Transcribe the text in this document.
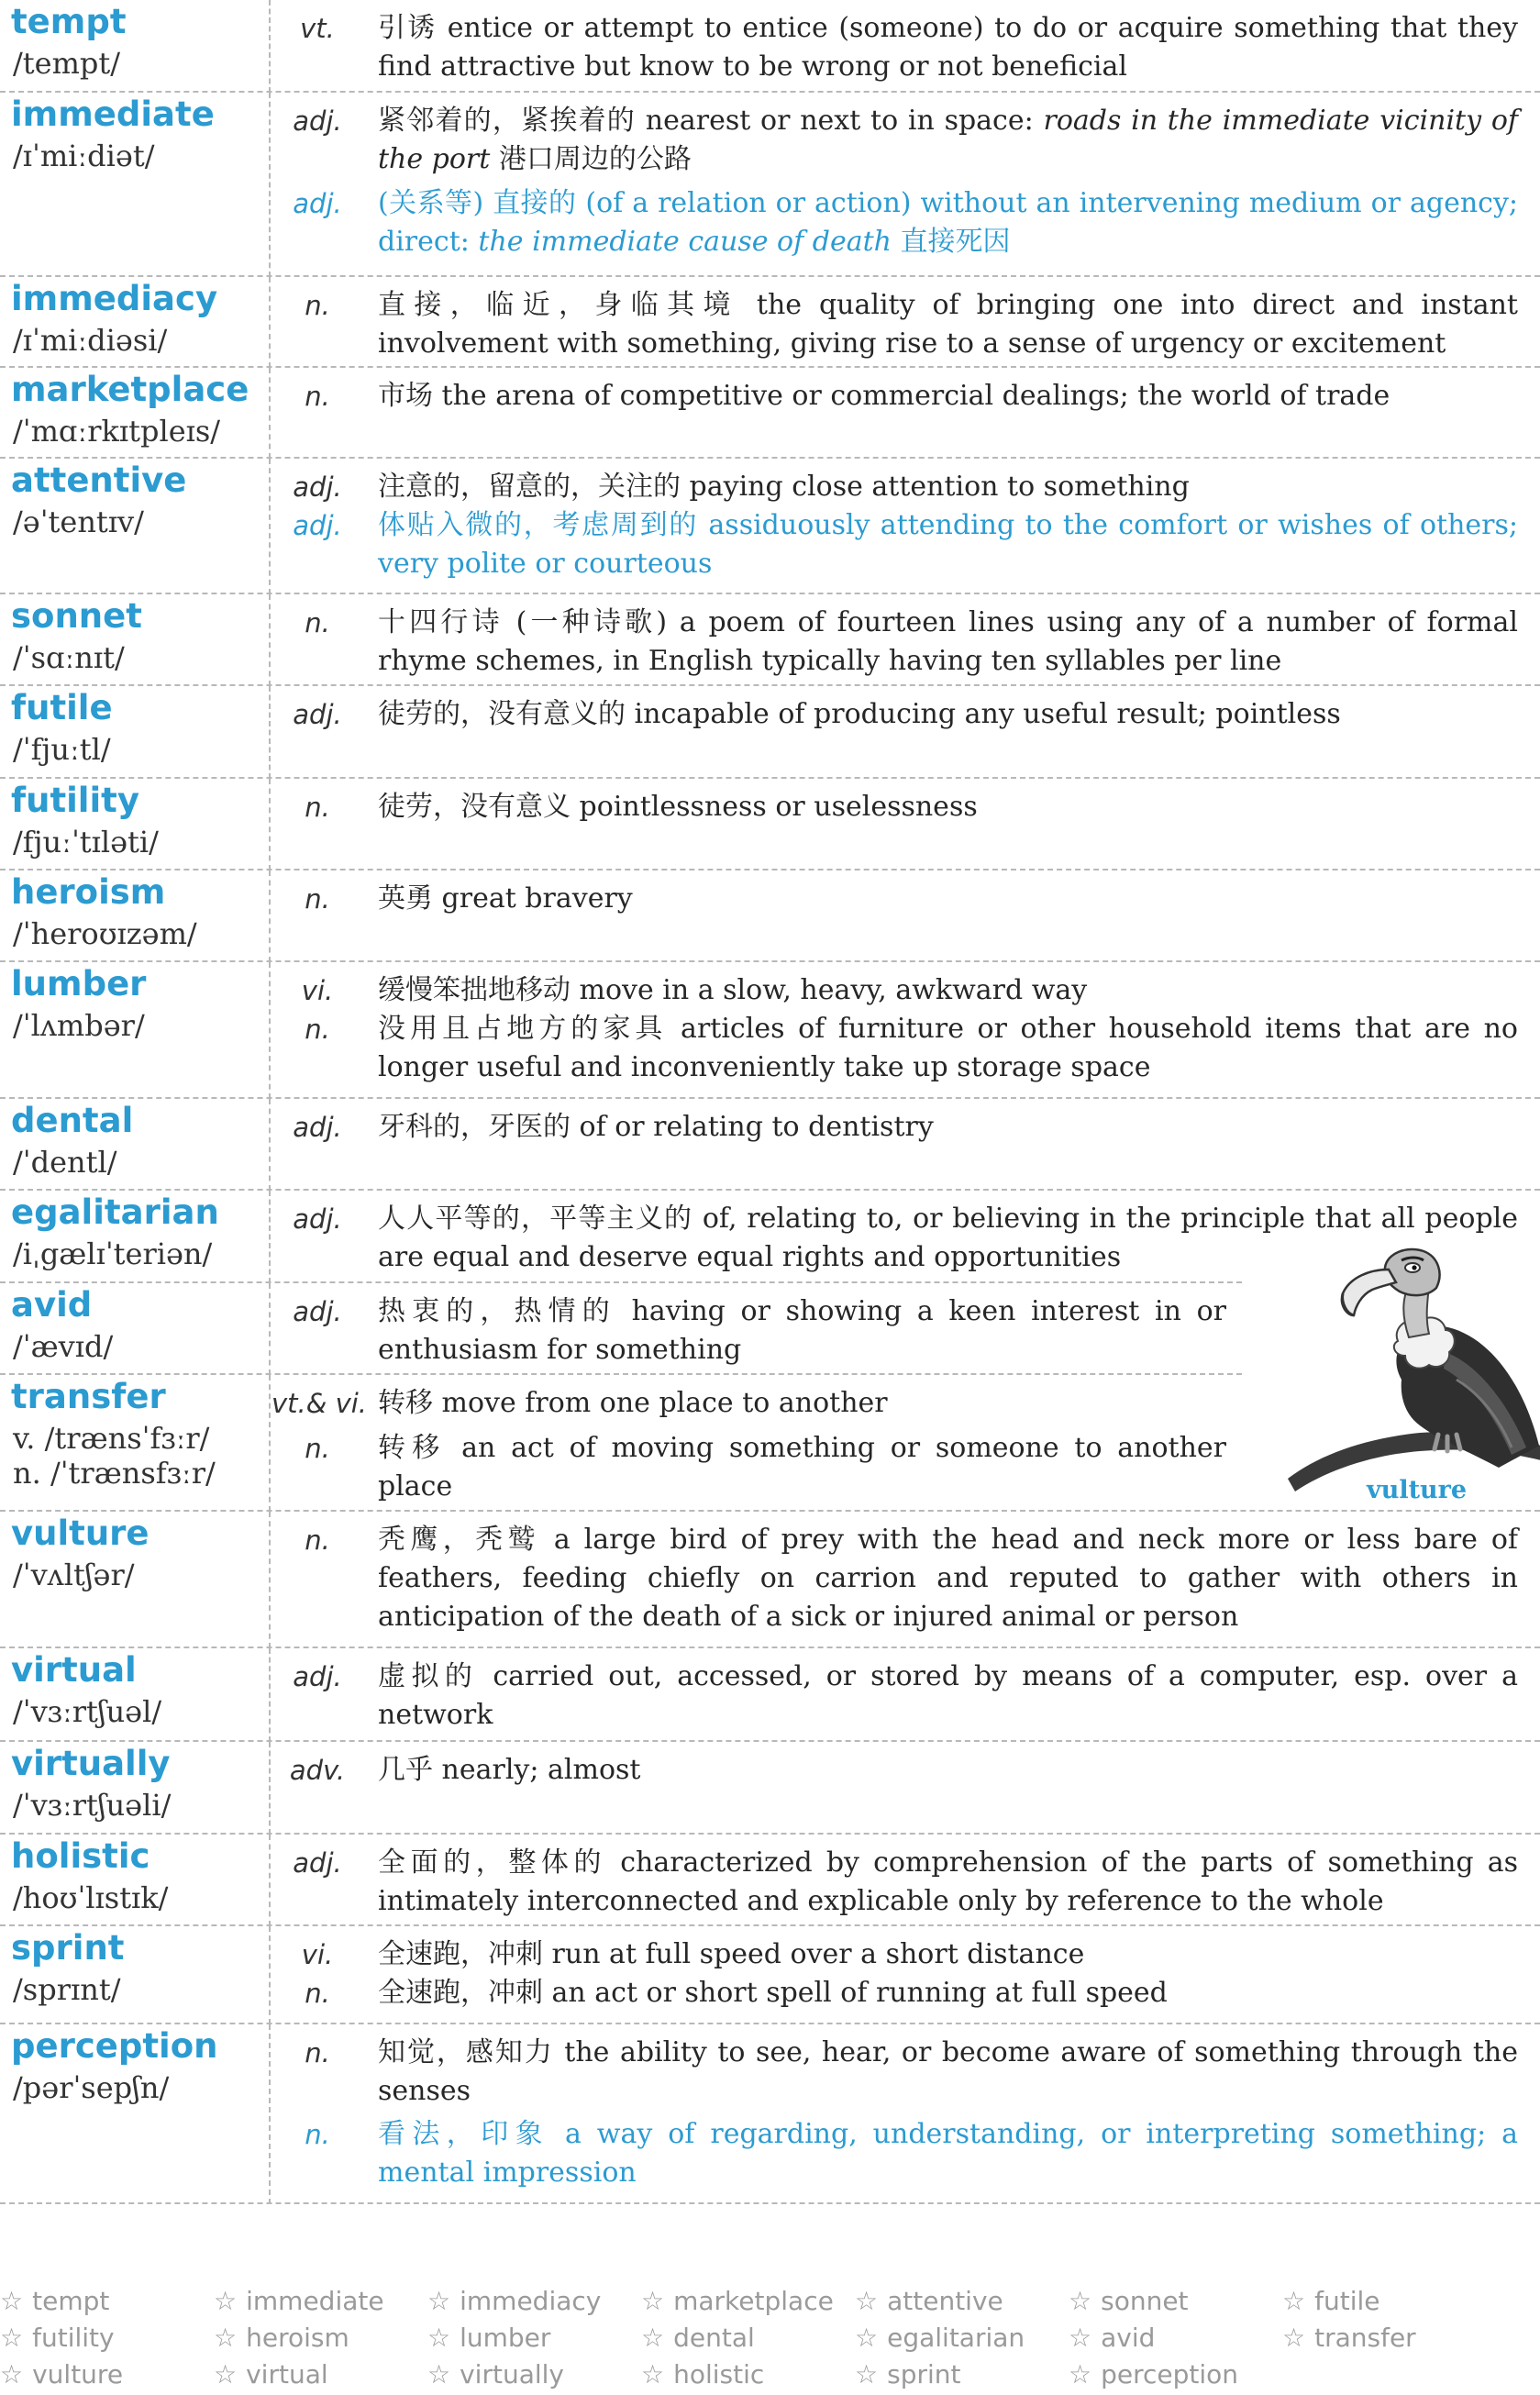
tempt
/tempt/
vt.	引诱 entice or attempt to entice (someone) to do or acquire something that they find attractive but know to be wrong or not beneficial
immediate
/ɪˈmiːdiət/
adj.	紧邻着的，紧挨着的 nearest or next to in space: roads in the immediate vicinity of the port 港口周边的公路
adj.	(关系等) 直接的 (of a relation or action) without an intervening medium or agency; direct: the immediate cause of death 直接死因
immediacy
/ɪˈmiːdiəsi/
n.	直接，临近，身临其境 the quality of bringing one into direct and instant involvement with something, giving rise to a sense of urgency or excitement
marketplace
/ˈmɑːrkɪtpleɪs/
n.	市场 the arena of competitive or commercial dealings; the world of trade
attentive
/əˈtentɪv/
adj.	注意的，留意的，关注的 paying close attention to something
adj.	体贴入微的，考虑周到的 assiduously attending to the comfort or wishes of others; very polite or courteous
sonnet
/ˈsɑːnɪt/
n.	十四行诗 (一种诗歌) a poem of fourteen lines using any of a number of formal rhyme schemes, in English typically having ten syllables per line
futile
/ˈfjuːtl/
adj.	徒劳的，没有意义的 incapable of producing any useful result; pointless
futility
/fjuːˈtɪləti/
n.	徒劳，没有意义 pointlessness or uselessness
heroism
/ˈheroʊɪzəm/
n.	英勇 great bravery
lumber
/ˈlʌmbər/
vi.	缓慢笨拙地移动 move in a slow, heavy, awkward way
n.	没用且占地方的家具 articles of furniture or other household items that are no longer useful and inconveniently take up storage space
dental
/ˈdentl/
adj.	牙科的，牙医的 of or relating to dentistry
egalitarian
/iˌgælɪˈteriən/
adj.	人人平等的，平等主义的 of, relating to, or believing in the principle that all people are equal and deserve equal rights and opportunities
avid
/ˈævɪd/
adj.	热衷的，热情的 having or showing a keen interest in or enthusiasm for something
transfer
v. /trænsˈfɜːr/
n. /ˈtrænsfɜːr/
vt.& vi. 转移 move from one place to another
n.	转移 an act of moving something or someone to another place
vulture
/ˈvʌltʃər/
n.	秃鹰，秃鹫 a large bird of prey with the head and neck more or less bare of feathers, feeding chiefly on carrion and reputed to gather with others in anticipation of the death of a sick or injured animal or person
virtual
/ˈvɜːrtʃuəl/
adj.	虚拟的 carried out, accessed, or stored by means of a computer, esp. over a network
virtually
/ˈvɜːrtʃuəli/
adv.	几乎 nearly; almost
holistic
/hoʊˈlɪstɪk/
adj.	全面的，整体的 characterized by comprehension of the parts of something as intimately interconnected and explicable only by reference to the whole
sprint
/sprɪnt/
vi.	全速跑，冲刺 run at full speed over a short distance
n.	全速跑，冲刺 an act or short spell of running at full speed
perception
/pərˈsepʃn/
n.	知觉，感知力 the ability to see, hear, or become aware of something through the senses
n.	看法，印象 a way of regarding, understanding, or interpreting something; a mental impression
vulture
☆ tempt	☆ immediate ☆ immediacy ☆ marketplace ☆ attentive	☆ sonnet	☆ futile
☆ futility	☆ heroism	☆ lumber	☆ dental	☆ egalitarian ☆ avid	☆ transfer
☆ vulture	☆ virtual	☆ virtually	☆ holistic	☆ sprint	☆ perception
